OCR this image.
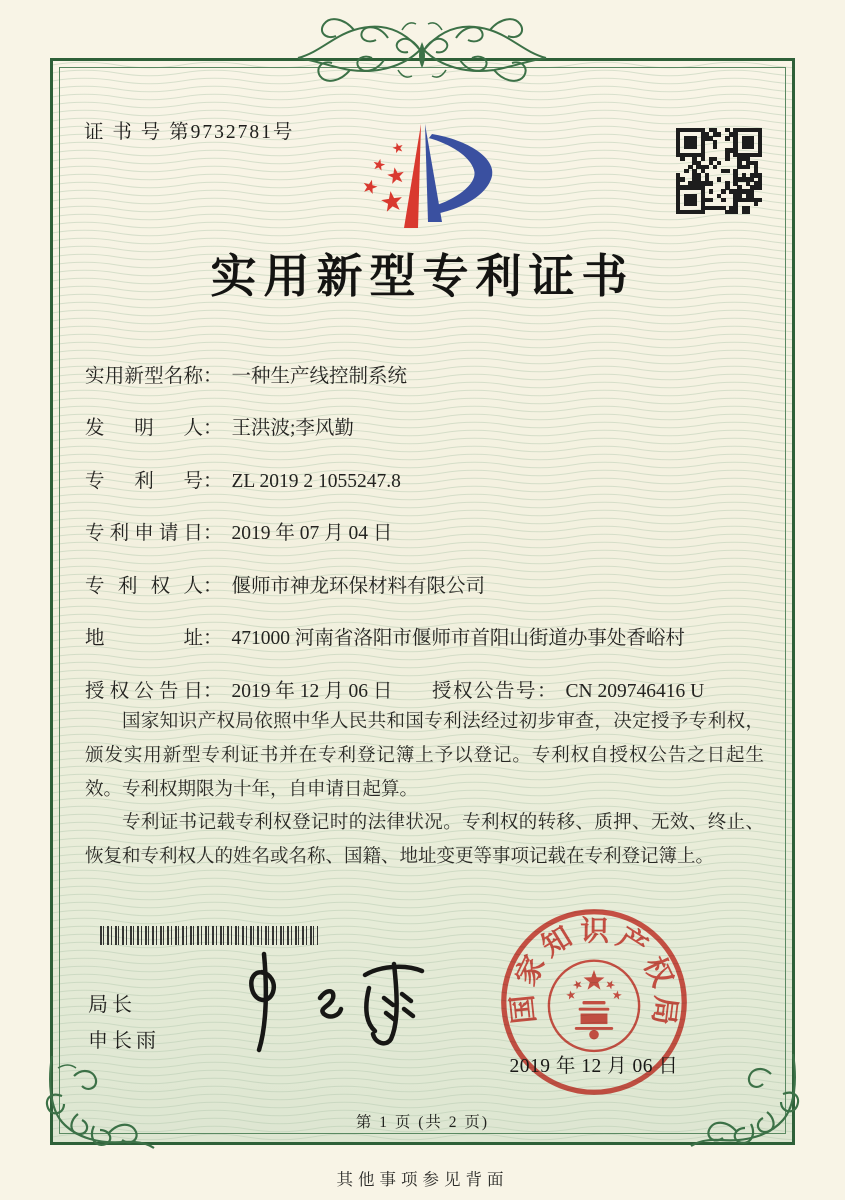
证 书 号 第9732781号
实用新型专利证书
实用新型名称： 一种生产线控制系统
发明人： 王洪波;李风勤
专利号： ZL 2019 2 1055247.8
专利申请日： 2019 年 07 月 04 日
专利权人： 偃师市神龙环保材料有限公司
地址： 471000 河南省洛阳市偃师市首阳山街道办事处香峪村
授权公告日： 2019 年 12 月 06 日 授权公告号： CN 209746416 U

国家知识产权局依照中华人民共和国专利法经过初步审查，决定授予专利权，颁发实用新型专利证书并在专利登记簿上予以登记。专利权自授权公告之日起生效。专利权期限为十年，自申请日起算。

专利证书记载专利权登记时的法律状况。专利权的转移、质押、无效、终止、恢复和专利权人的姓名或名称、国籍、地址变更等事项记载在专利登记簿上。

局长
申长雨
国家知识产权局
2019 年 12 月 06 日
第 1 页 (共 2 页)
其他事项参见背面
